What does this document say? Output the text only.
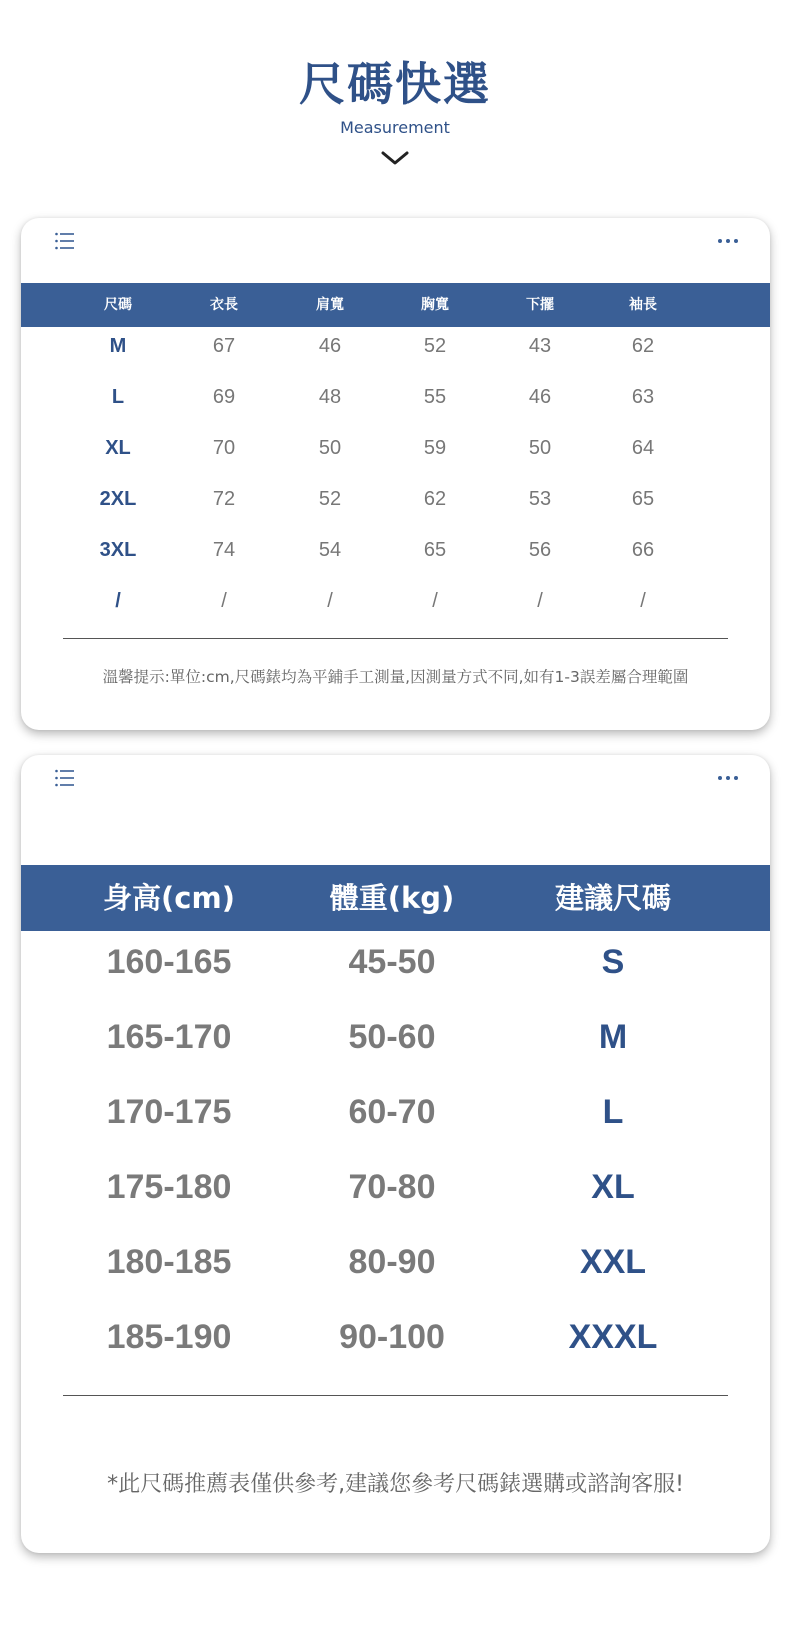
尺碼快選
Measurement
尺碼	衣長	肩寬	胸寬	下擺	袖長
M	67	46	52	43	62
L	69	48	55	46	63
XL	70	50	59	50	64
2XL	72	52	62	53	65
3XL	74	54	65	56	66
/	/	/	/	/	/
溫馨提示:單位:cm,尺碼錶均為平鋪手工測量,因測量方式不同,如有1-3誤差屬合理範圍
身高(cm)	體重(kg)	建議尺碼
160-165	45-50	S
165-170	50-60	M
170-175	60-70	L
175-180	70-80	XL
180-185	80-90	XXL
185-190	90-100	XXXL
*此尺碼推薦表僅供參考,建議您參考尺碼錶選購或諮詢客服!
